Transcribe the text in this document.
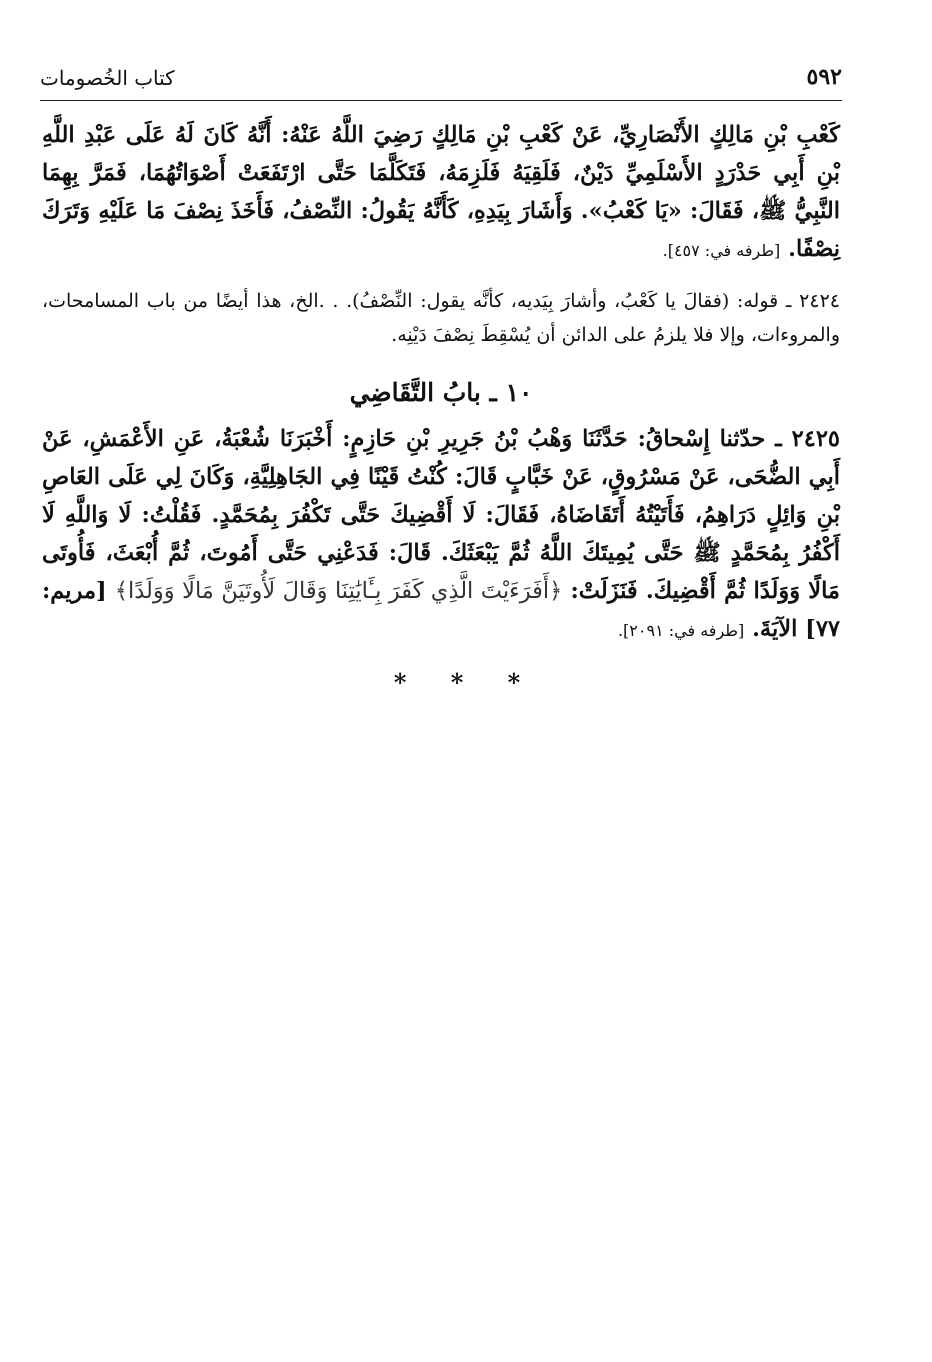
٥٩٢
كتاب الخُصومات
كَعْبِ بْنِ مَالِكٍ الأَنْصَارِيِّ، عَنْ كَعْبِ بْنِ مَالِكٍ رَضِيَ اللَّهُ عَنْهُ: أَنَّهُ كَانَ لَهُ عَلَى عَبْدِ اللَّهِ بْنِ أَبِي حَدْرَدٍ الأَسْلَمِيِّ دَيْنٌ، فَلَقِيَهُ فَلَزِمَهُ، فَتَكَلَّمَا حَتَّى ارْتَفَعَتْ أَصْوَاتُهُمَا، فَمَرَّ بِهِمَا النَّبِيُّ ﷺ، فَقَالَ: «يَا كَعْبُ». وَأَشَارَ بِيَدِهِ، كَأَنَّهُ يَقُولُ: النِّصْفُ، فَأَخَذَ نِصْفَ مَا عَلَيْهِ وَتَرَكَ نِصْفًا. [طرفه في: ٤٥٧].
٢٤٢٤ ـ قوله: (فقالَ يا كَعْبُ، وأشارَ بِيَديه، كأنَّه يقول: النِّصْفُ). . .الخ، هذا أيضًا من باب المسامحات، والمروءات، وإلا فلا يلزمُ على الدائن أن يُسْقِطَ نِصْفَ دَيْنِه.
١٠ ـ بابُ التَّقَاضِي
٢٤٢٥ ـ حدّثنا إِسْحاقُ: حَدَّثَنَا وَهْبُ بْنُ جَرِيرِ بْنِ حَازِمٍ: أَخْبَرَنَا شُعْبَةُ، عَنِ الأَعْمَشِ، عَنْ أَبِي الضُّحَى، عَنْ مَسْرُوقٍ، عَنْ خَبَّابٍ قَالَ: كُنْتُ قَيْنًا فِي الجَاهِلِيَّةِ، وَكَانَ لِي عَلَى العَاصِ بْنِ وَائِلٍ دَرَاهِمُ، فَأَتَيْتُهُ أَتَقَاضَاهُ، فَقَالَ: لَا أَقْضِيكَ حَتَّى تَكْفُرَ بِمُحَمَّدٍ. فَقُلْتُ: لَا وَاللَّهِ لَا أَكْفُرُ بِمُحَمَّدٍ ﷺ حَتَّى يُمِيتَكَ اللَّهُ ثُمَّ يَبْعَثَكَ. قَالَ: فَدَعْنِي حَتَّى أَمُوتَ، ثُمَّ أُبْعَثَ، فَأُوتَى مَالًا وَوَلَدًا ثُمَّ أَقْضِيكَ. فَنَزَلَتْ: ﴿أَفَرَءَيْتَ الَّذِي كَفَرَ بِـَٔايَٰتِنَا وَقَالَ لَأُوتَيَنَّ مَالًا وَوَلَدًا﴾ [مريم: ٧٧] الآيَةَ. [طرفه في: ٢٠٩١].
* * *
